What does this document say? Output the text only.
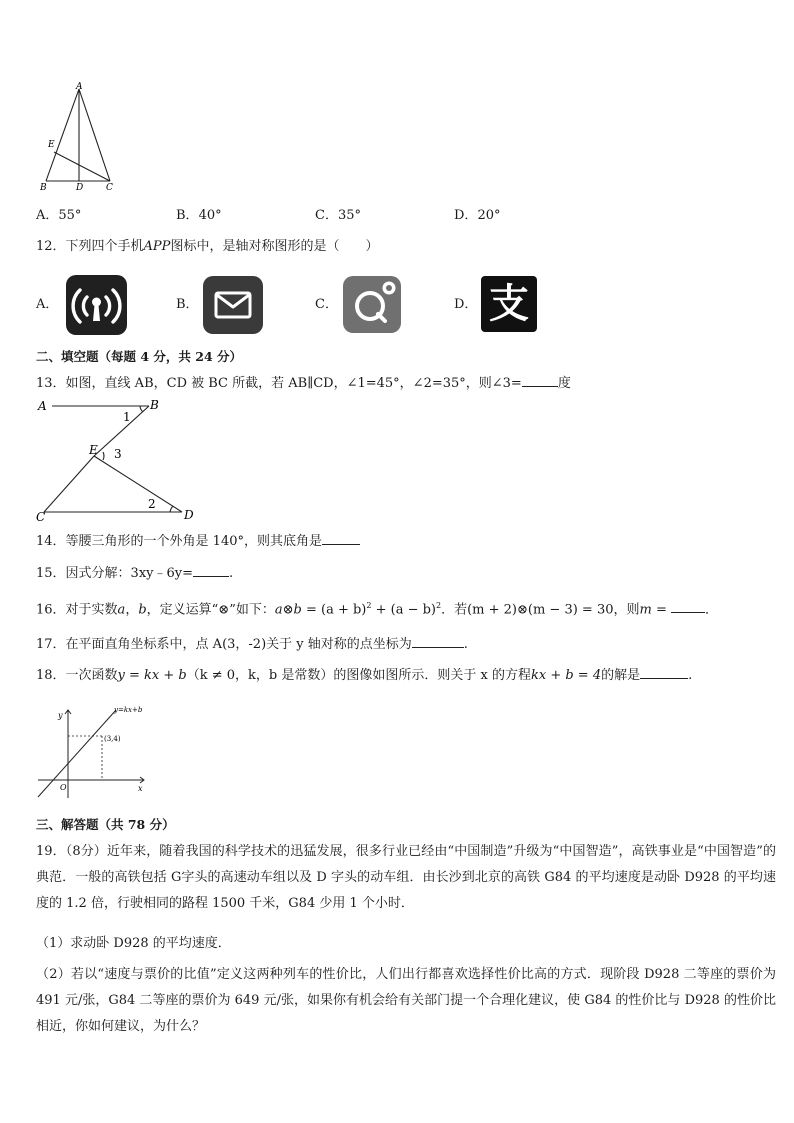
A
E
B	D	C
A．55°	B．40°	C．35°	D．20°
12．下列四个手机APP图标中，是轴对称图形的是（　　）
A．	B．	C．	D． 支
二、填空题（每题 4 分，共 24 分）
13．如图，直线 AB，CD 被 BC 所截，若 AB∥CD，∠1=45°，∠2=35°，则∠3=	度
A	B
1
E 3
2
C	D
14．等腰三角形的一个外角是 140°，则其底角是
15．因式分解：3xy﹣6y=	.
16．对于实数a，b，定义运算“⊗”如下：a⊗b = $(a + b)^2 + (a - b)^2$．若(m + 2)⊗(m − 3) = 30，则m =	．
17．在平面直角坐标系中，点 A(3，-2)关于 y 轴对称的点坐标为	.
18．一次函数y = kx + b（k ≠ 0，k，b 是常数）的图像如图所示．则关于 x 的方程kx + b = 4的解是	.
y=kx+b
(3,4)
y
x
O
三、解答题（共 78 分）
19．（8分）近年来，随着我国的科学技术的迅猛发展，很多行业已经由“中国制造”升级为“中国智造”，高铁事业是“中国智造”的典范．一般的高铁包括 G字头的高速动车组以及 D 字头的动车组．由长沙到北京的高铁 G84 的平均速度是动卧 D928 的平均速度的 1.2 倍，行驶相同的路程 1500 千米，G84 少用 1 个小时．
（1）求动卧 D928 的平均速度．
（2）若以“速度与票价的比值”定义这两种列车的性价比，人们出行都喜欢选择性价比高的方式．现阶段 D928 二等座的票价为 491 元/张，G84 二等座的票价为 649 元/张，如果你有机会给有关部门提一个合理化建议，使 G84 的性价比与 D928 的性价比相近，你如何建议，为什么？
